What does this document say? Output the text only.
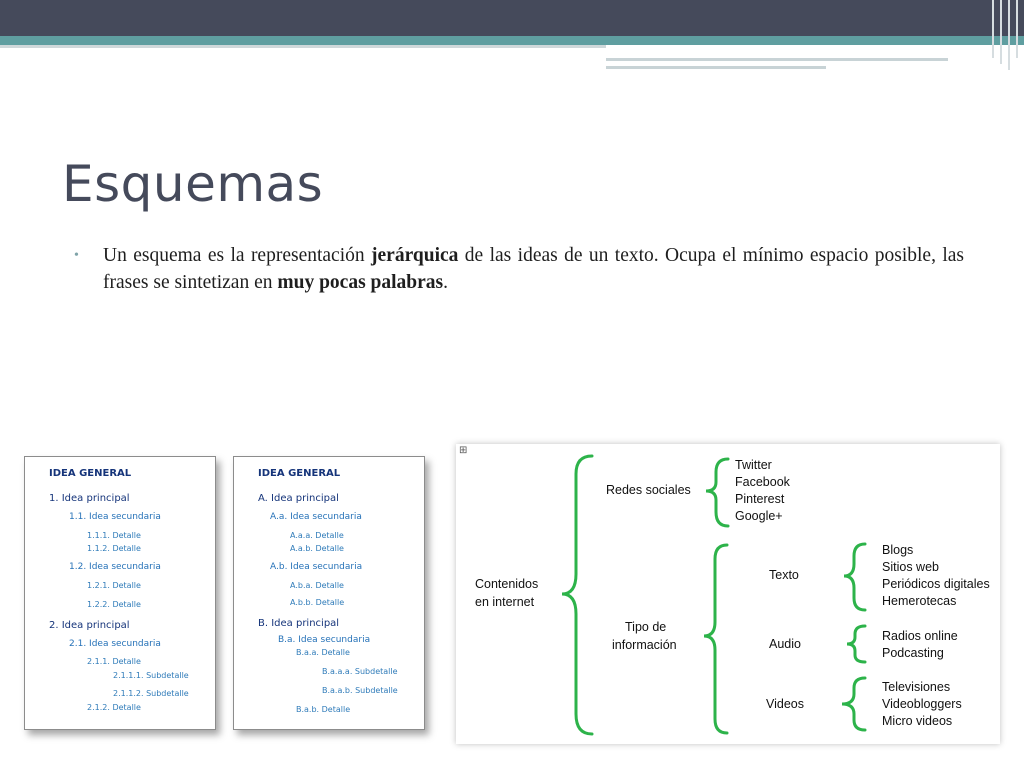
Esquemas
• Un esquema es la representación jerárquica de las ideas de un texto. Ocupa el mínimo espacio posible, las frases se sintetizan en muy pocas palabras.
IDEA GENERAL
1. Idea principal
1.1. Idea secundaria
1.1.1. Detalle
1.1.2. Detalle
1.2. Idea secundaria
1.2.1. Detalle
1.2.2. Detalle
2. Idea principal
2.1. Idea secundaria
2.1.1. Detalle
2.1.1.1. Subdetalle
2.1.1.2. Subdetalle
2.1.2. Detalle
IDEA GENERAL
A. Idea principal
A.a. Idea secundaria
A.a.a. Detalle
A.a.b. Detalle
A.b. Idea secundaria
A.b.a. Detalle
A.b.b. Detalle
B. Idea principal
B.a. Idea secundaria
B.a.a. Detalle
B.a.a.a. Subdetalle
B.a.a.b. Subdetalle
B.a.b. Detalle
⊞
Contenidos
en internet
Redes sociales
Twitter
Facebook
Pinterest
Google+
Tipo de
información
Texto
Blogs
Sitios web
Periódicos digitales
Hemerotecas
Audio
Radios online
Podcasting
Videos
Televisiones
Videobloggers
Micro videos
